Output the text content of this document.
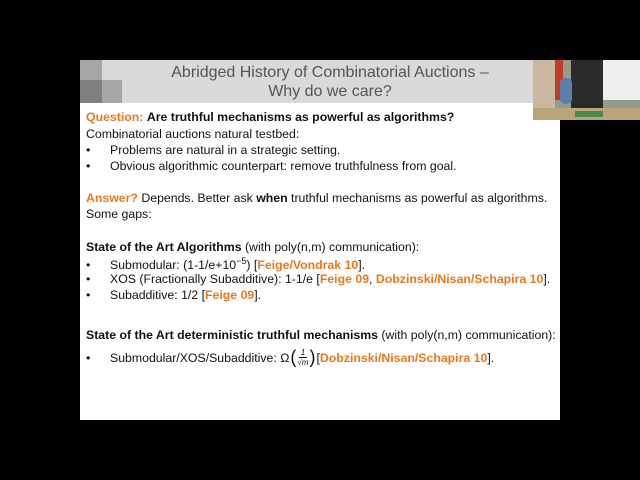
Abridged History of Combinatorial Auctions –
Why do we care?
Question: Are truthful mechanisms as powerful as algorithms?
Combinatorial auctions natural testbed:
• Problems are natural in a strategic setting.
• Obvious algorithmic counterpart: remove truthfulness from goal.
Answer? Depends. Better ask when truthful mechanisms as powerful as algorithms.
Some gaps:
State of the Art Algorithms (with poly(n,m) communication):
• Submodular: $(1-1/e+10^{-5})$ [Feige/Vondrak 10].
• XOS (Fractionally Subadditive): 1-1/e [Feige 09, Dobzinski/Nisan/Schapira 10].
• Subadditive: 1/2 [Feige 09].
State of the Art deterministic truthful mechanisms (with poly(n,m) communication):
• Submodular/XOS/Subadditive: Ω ( $\frac{1}{√m}$ ) [ Dobzinski/Nisan/Schapira 10 ].
